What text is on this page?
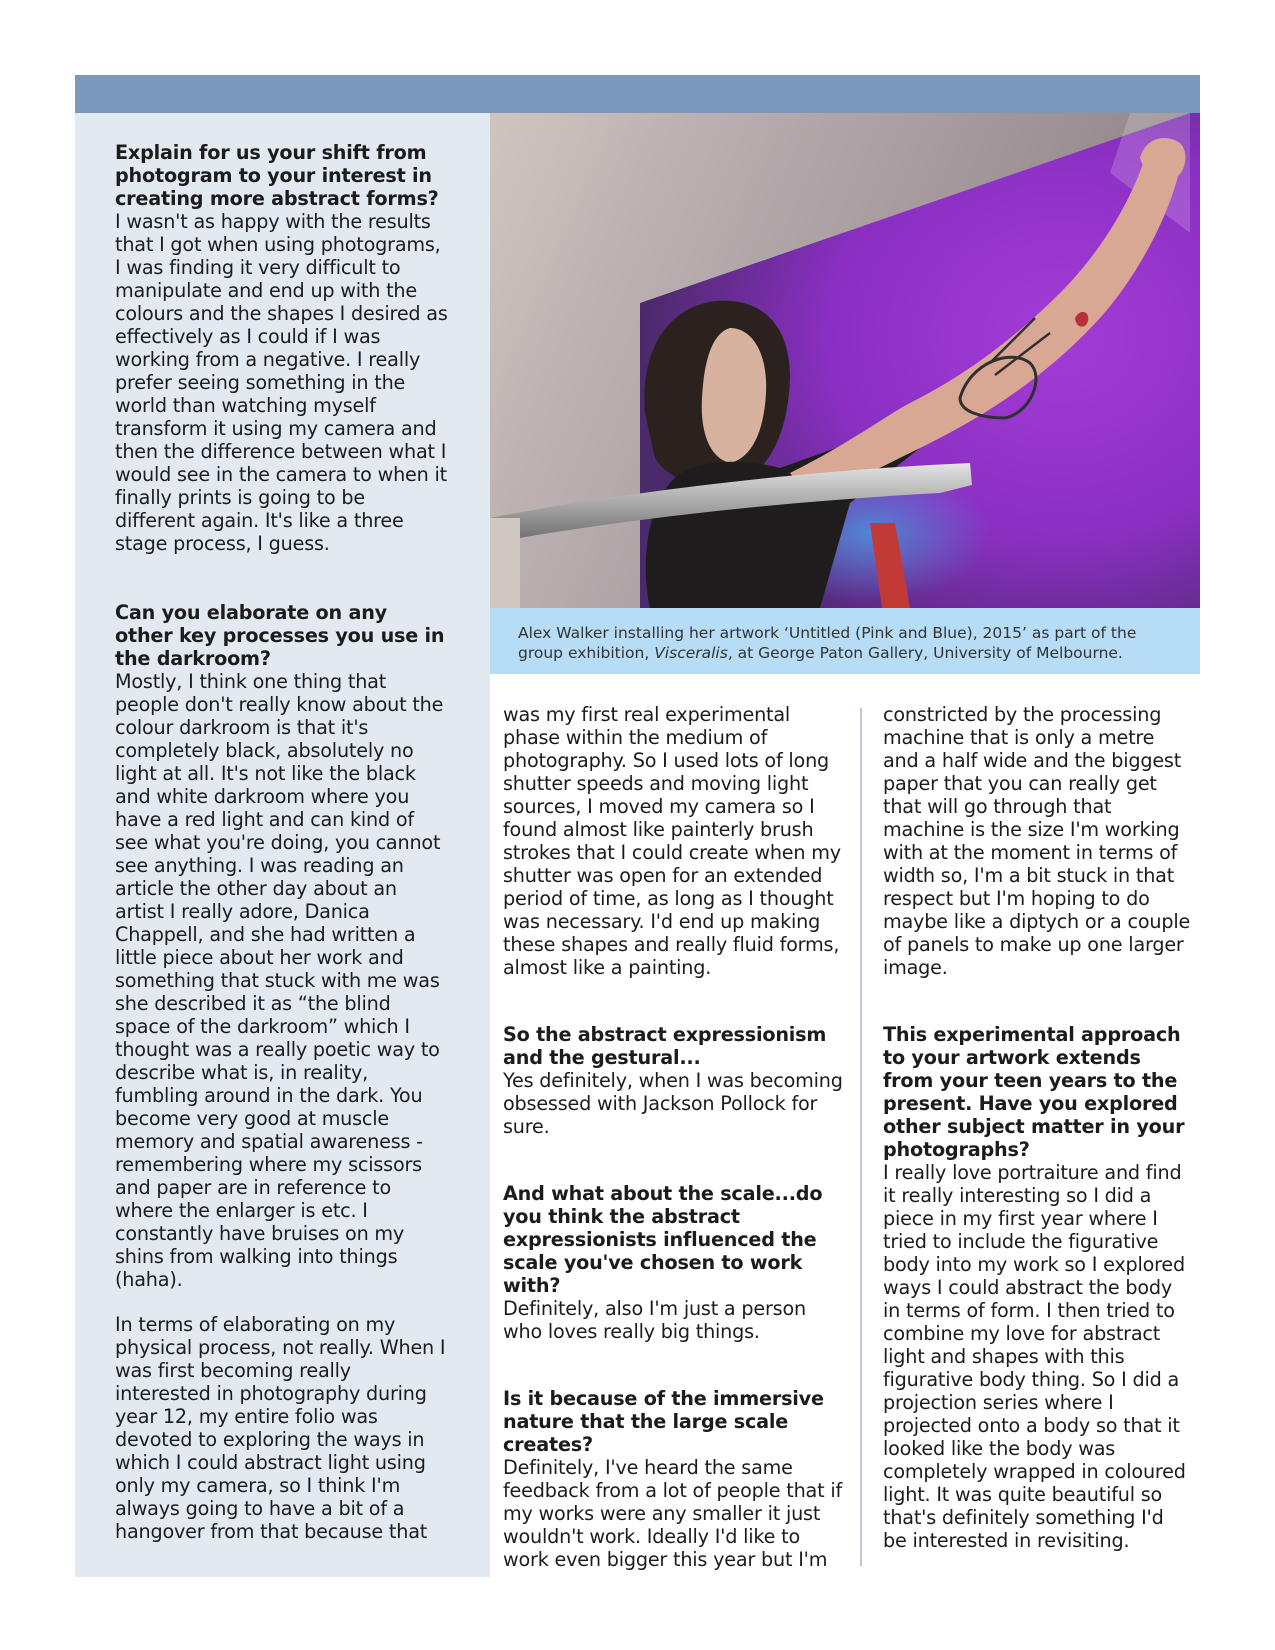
Explain for us your shift from photogram to your interest in creating more abstract forms?

I wasn't as happy with the results that I got when using photograms, I was finding it very difficult to manipulate and end up with the colours and the shapes I desired as effectively as I could if I was working from a negative. I really prefer seeing something in the world than watching myself transform it using my camera and then the difference between what I would see in the camera to when it finally prints is going to be different again. It's like a three stage process, I guess.

Can you elaborate on any other key processes you use in the darkroom?

Mostly, I think one thing that people don't really know about the colour darkroom is that it's completely black, absolutely no light at all. It's not like the black and white darkroom where you have a red light and can kind of see what you're doing, you cannot see anything. I was reading an article the other day about an artist I really adore, Danica Chappell, and she had written a little piece about her work and something that stuck with me was she described it as “the blind space of the darkroom” which I thought was a really poetic way to describe what is, in reality, fumbling around in the dark. You become very good at muscle memory and spatial awareness - remembering where my scissors and paper are in reference to where the enlarger is etc. I constantly have bruises on my shins from walking into things (haha).

In terms of elaborating on my physical process, not really. When I was first becoming really interested in photography during year 12, my entire folio was devoted to exploring the ways in which I could abstract light using only my camera, so I think I'm always going to have a bit of a hangover from that because that

Alex Walker installing her artwork ‘Untitled (Pink and Blue), 2015’ as part of the group exhibition, Visceralis, at George Paton Gallery, University of Melbourne.

was my first real experimental phase within the medium of photography. So I used lots of long shutter speeds and moving light sources, I moved my camera so I found almost like painterly brush strokes that I could create when my shutter was open for an extended period of time, as long as I thought was necessary. I'd end up making these shapes and really fluid forms, almost like a painting.

So the abstract expressionism and the gestural...

Yes definitely, when I was becoming obsessed with Jackson Pollock for sure.

And what about the scale...do you think the abstract expressionists influenced the scale you've chosen to work with?

Definitely, also I'm just a person who loves really big things.

Is it because of the immersive nature that the large scale creates?

Definitely, I've heard the same feedback from a lot of people that if my works were any smaller it just wouldn't work. Ideally I'd like to work even bigger this year but I'm

constricted by the processing machine that is only a metre and a half wide and the biggest paper that you can really get that will go through that machine is the size I'm working with at the moment in terms of width so, I'm a bit stuck in that respect but I'm hoping to do maybe like a diptych or a couple of panels to make up one larger image.

This experimental approach to your artwork extends from your teen years to the present. Have you explored other subject matter in your photographs?

I really love portraiture and find it really interesting so I did a piece in my first year where I tried to include the figurative body into my work so I explored ways I could abstract the body in terms of form. I then tried to combine my love for abstract light and shapes with this figurative body thing. So I did a projection series where I projected onto a body so that it looked like the body was completely wrapped in coloured light. It was quite beautiful so that's definitely something I'd be interested in revisiting.
